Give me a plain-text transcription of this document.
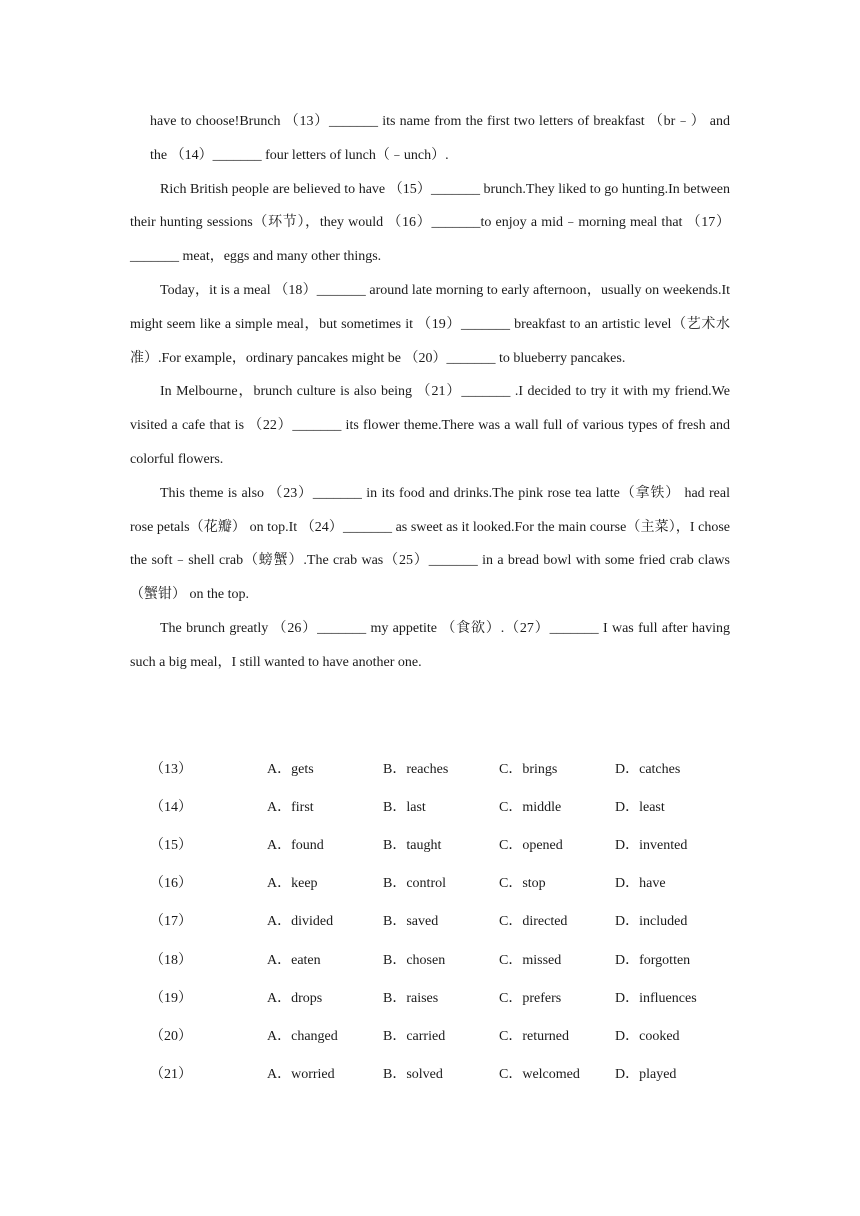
have to choose!Brunch （13）_______ its name from the first two letters of breakfast （br﹣） and the （14）_______ four letters of lunch（﹣unch）.

Rich British people are believed to have （15）_______ brunch.They liked to go hunting.In between their hunting sessions（环节），they would （16）_______to enjoy a mid﹣morning meal that （17）_______ meat，eggs and many other things.

Today，it is a meal （18）_______ around late morning to early afternoon，usually on weekends.It might seem like a simple meal，but sometimes it （19）_______ breakfast to an artistic level（艺术水准）.For example，ordinary pancakes might be （20）_______ to blueberry pancakes.

In Melbourne，brunch culture is also being （21）_______ .I decided to try it with my friend.We visited a cafe that is （22）_______ its flower theme.There was a wall full of various types of fresh and colorful flowers.

This theme is also （23）_______ in its food and drinks.The pink rose tea latte（拿铁） had real rose petals（花瓣） on top.It （24）_______ as sweet as it looked.For the main course（主菜），I chose the soft﹣shell crab（螃蟹）.The crab was（25）_______ in a bread bowl with some fried crab claws（蟹钳） on the top.

The brunch greatly （26）_______ my appetite （食欲）.（27）_______ I was full after having such a big meal，I still wanted to have another one.

（13）	A．gets	B．reaches	C．brings	D．catches
（14）	A．first	B．last	C．middle	D．least
（15）	A．found	B．taught	C．opened	D．invented
（16）	A．keep	B．control	C．stop	D．have
（17）	A．divided	B．saved	C．directed	D．included
（18）	A．eaten	B．chosen	C．missed	D．forgotten
（19）	A．drops	B．raises	C．prefers	D．influences
（20）	A．changed	B．carried	C．returned	D．cooked
（21）	A．worried	B．solved	C．welcomed	D．played
